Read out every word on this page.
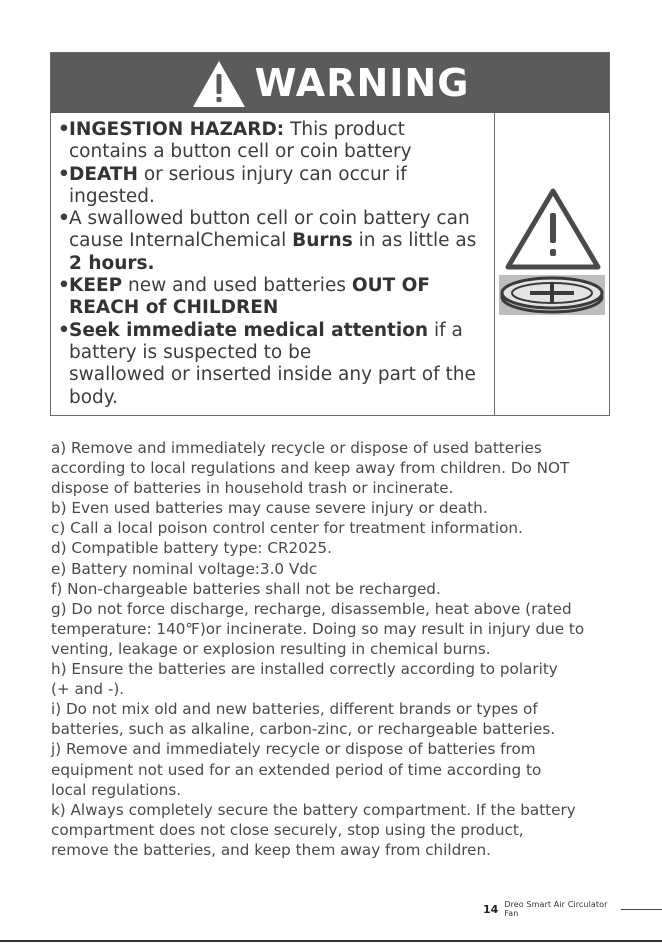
WARNING
• INGESTION HAZARD: This product
contains a button cell or coin battery
• DEATH or serious injury can occur if
ingested.
• A swallowed button cell or coin battery can
cause InternalChemical Burns in as little as
2 hours.
• KEEP new and used batteries OUT OF
REACH of CHILDREN
• Seek immediate medical attention if a
battery is suspected to be
swallowed or inserted inside any part of the
body.

a) Remove and immediately recycle or dispose of used batteries

according to local regulations and keep away from children. Do NOT

dispose of batteries in household trash or incinerate.

b) Even used batteries may cause severe injury or death.

c) Call a local poison control center for treatment information.

d) Compatible battery type: CR2025.

e) Battery nominal voltage:3.0 Vdc

f) Non-chargeable batteries shall not be recharged.

g) Do not force discharge, recharge, disassemble, heat above (rated

temperature: 140℉)or incinerate. Doing so may result in injury due to

venting, leakage or explosion resulting in chemical burns.

h) Ensure the batteries are installed correctly according to polarity

(+ and -).

i) Do not mix old and new batteries, different brands or types of

batteries, such as alkaline, carbon-zinc, or rechargeable batteries.

j) Remove and immediately recycle or dispose of batteries from

equipment not used for an extended period of time according to

local regulations.

k) Always completely secure the battery compartment. If the battery

compartment does not close securely, stop using the product,

remove the batteries, and keep them away from children.

14 Dreo Smart Air Circulator Fan
